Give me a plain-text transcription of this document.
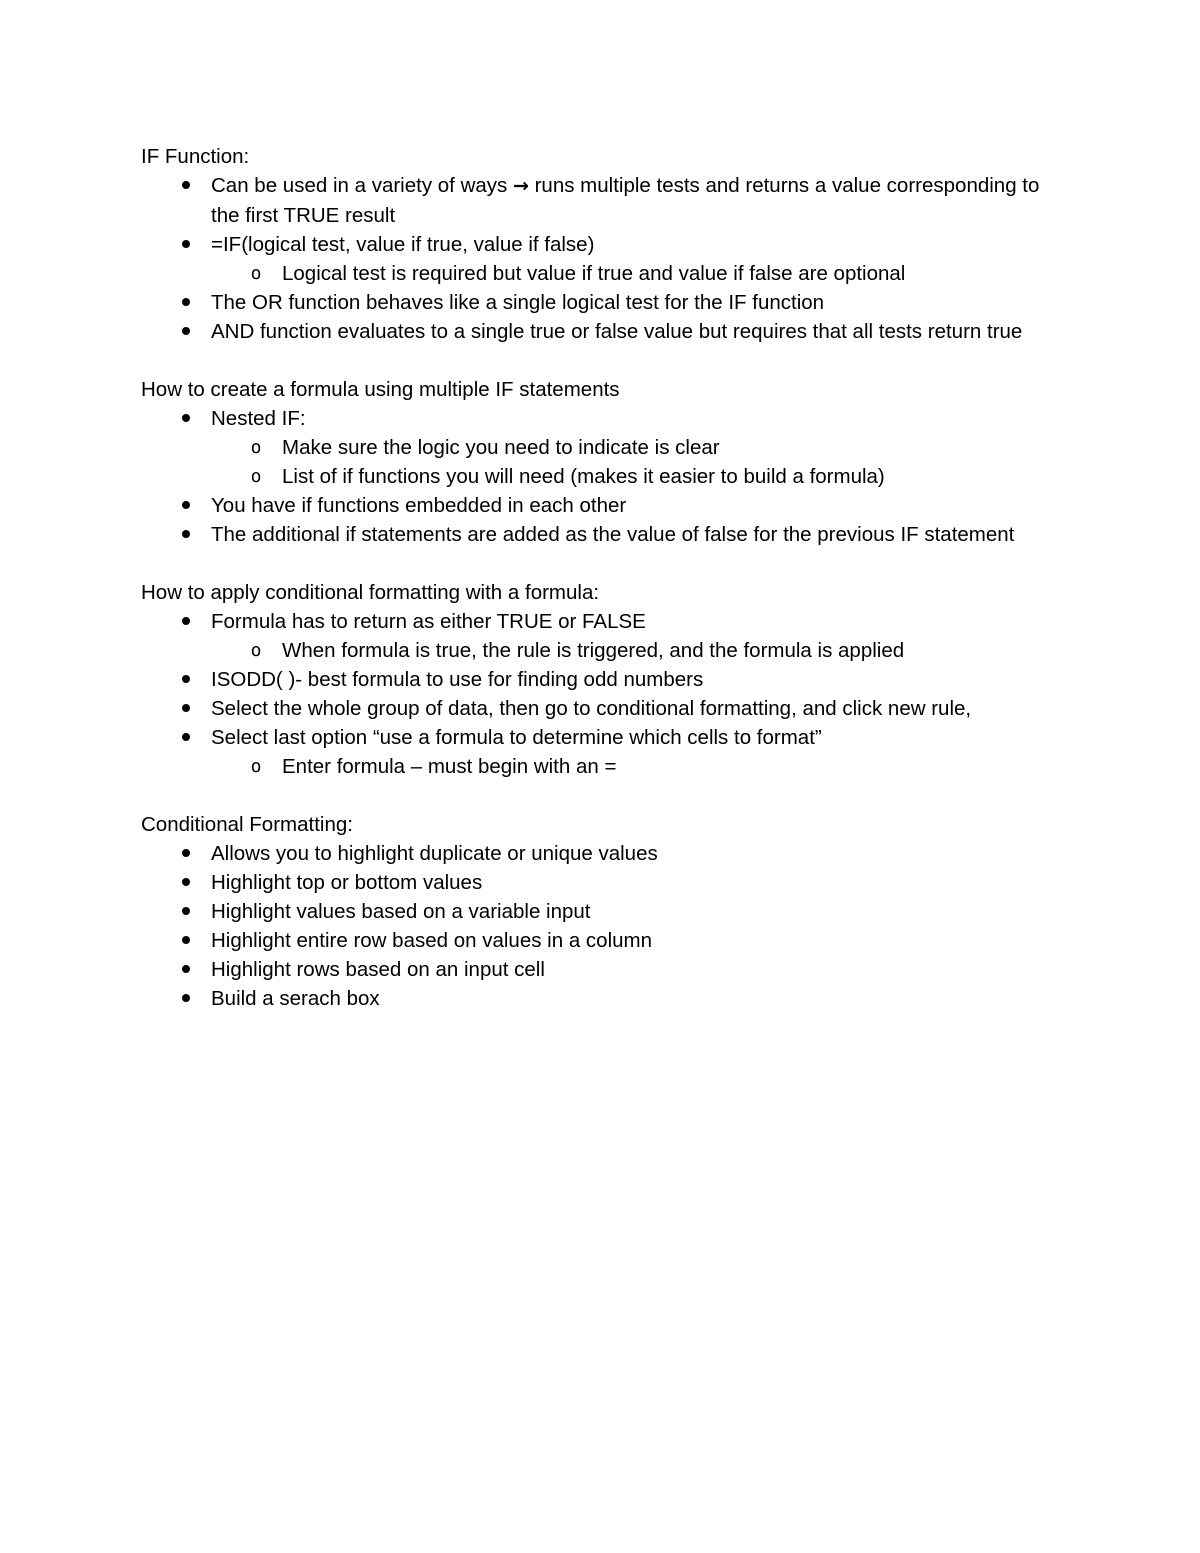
IF Function:
Can be used in a variety of ways → runs multiple tests and returns a value corresponding to the first TRUE result
=IF(logical test, value if true, value if false)
o Logical test is required but value if true and value if false are optional
The OR function behaves like a single logical test for the IF function
AND function evaluates to a single true or false value but requires that all tests return true
How to create a formula using multiple IF statements
Nested IF:
o Make sure the logic you need to indicate is clear
o List of if functions you will need (makes it easier to build a formula)
You have if functions embedded in each other
The additional if statements are added as the value of false for the previous IF statement
How to apply conditional formatting with a formula:
Formula has to return as either TRUE or FALSE
o When formula is true, the rule is triggered, and the formula is applied
ISODD( )- best formula to use for finding odd numbers
Select the whole group of data, then go to conditional formatting, and click new rule,
Select last option “use a formula to determine which cells to format”
o Enter formula – must begin with an =
Conditional Formatting:
Allows you to highlight duplicate or unique values
Highlight top or bottom values
Highlight values based on a variable input
Highlight entire row based on values in a column
Highlight rows based on an input cell
Build a serach box
